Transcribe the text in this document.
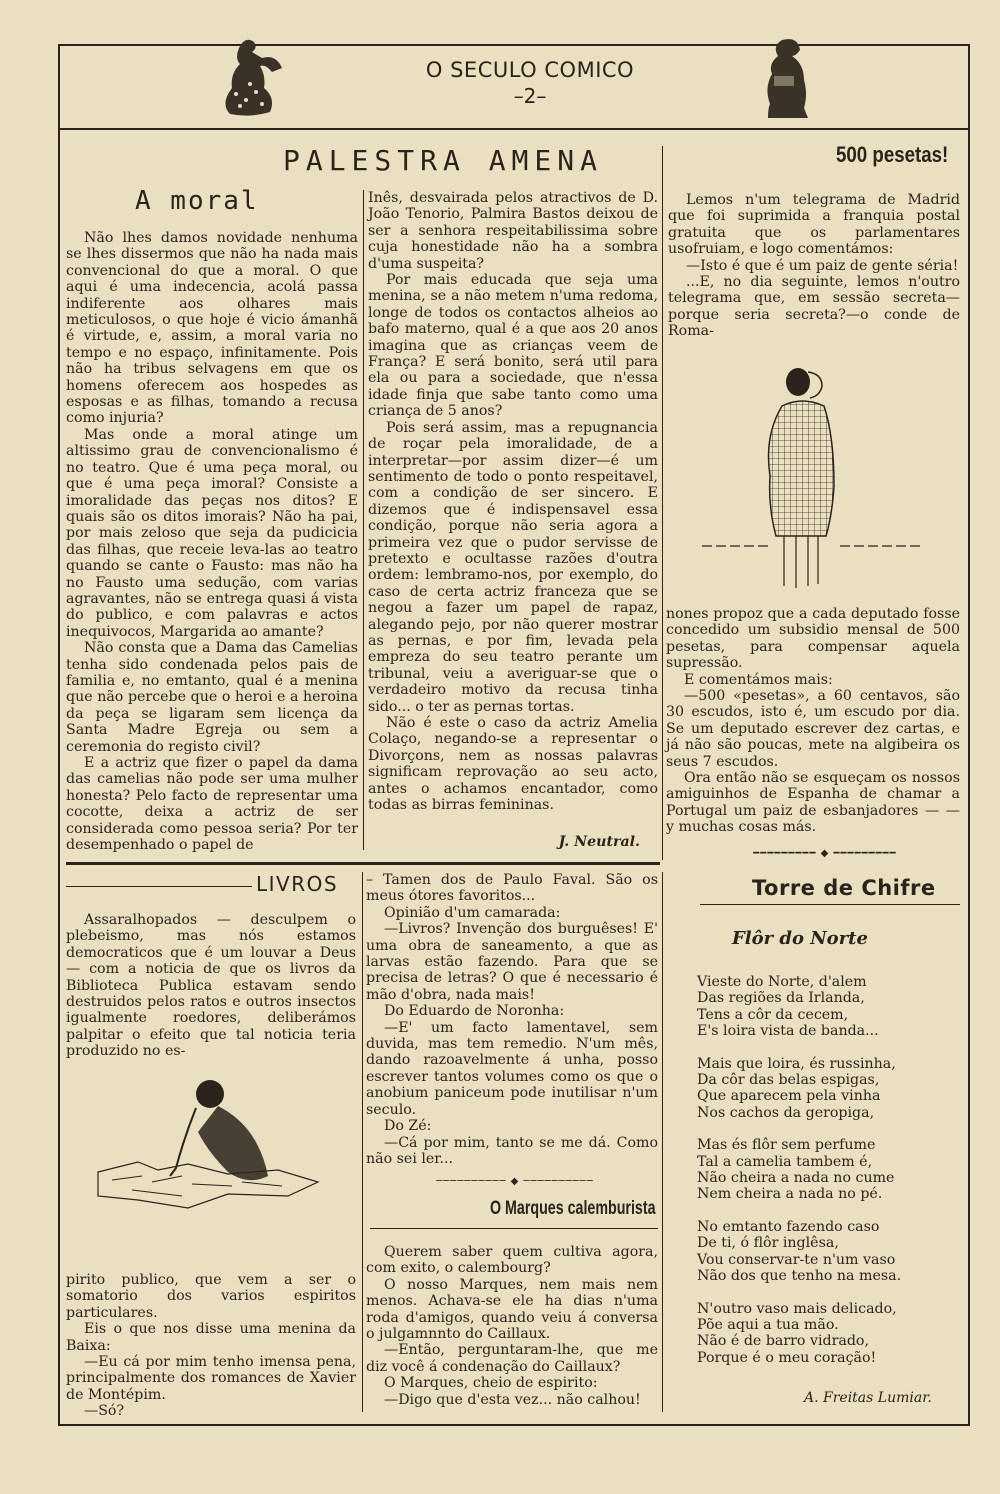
O SECULO COMICO
–2–
PALESTRA AMENA
A moral

Não lhes damos novidade nenhuma se lhes dissermos que não ha nada mais convencional do que a moral. O que aqui é uma indecencia, acolá passa indiferente aos olhares mais meticulosos, o que hoje é vicio ámanhã é virtude, e, assim, a moral varia no tempo e no espaço, infinitamente. Pois não ha tribus selvagens em que os homens oferecem aos hospedes as esposas e as filhas, tomando a recusa como injuria?

Mas onde a moral atinge um altissimo grau de convencionalismo é no teatro. Que é uma peça moral, ou que é uma peça imoral? Consiste a imoralidade das peças nos ditos? E quais são os ditos imorais? Não ha pai, por mais zeloso que seja da pudicicia das filhas, que receie leva-las ao teatro quando se cante o Fausto: mas não ha no Fausto uma sedução, com varias agravantes, não se entrega quasi á vista do publico, e com palavras e actos inequivocos, Margarida ao amante?

Não consta que a Dama das Camelias tenha sido condenada pelos pais de familia e, no emtanto, qual é a menina que não percebe que o heroi e a heroina da peça se ligaram sem licença da Santa Madre Egreja ou sem a ceremonia do registo civil?

E a actriz que fizer o papel da dama das camelias não pode ser uma mulher honesta? Pelo facto de representar uma cocotte, deixa a actriz de ser considerada como pessoa seria? Por ter desempenhado o papel de

Inês, desvairada pelos atractivos de D. João Tenorio, Palmira Bastos deixou de ser a senhora respeitabilissima sobre cuja honestidade não ha a sombra d'uma suspeita?

Por mais educada que seja uma menina, se a não metem n'uma redoma, longe de todos os contactos alheios ao bafo materno, qual é a que aos 20 anos imagina que as crianças veem de França? E será bonito, será util para ela ou para a sociedade, que n'essa idade finja que sabe tanto como uma criança de 5 anos?

Pois será assim, mas a repugnancia de roçar pela imoralidade, de a interpretar—por assim dizer—é um sentimento de todo o ponto respeitavel, com a condição de ser sincero. E dizemos que é indispensavel essa condição, porque não seria agora a primeira vez que o pudor servisse de pretexto e ocultasse razões d'outra ordem: lembramo-nos, por exemplo, do caso de certa actriz franceza que se negou a fazer um papel de rapaz, alegando pejo, por não querer mostrar as pernas, e por fim, levada pela empreza do seu teatro perante um tribunal, veiu a averiguar-se que o verdadeiro motivo da recusa tinha sido... o ter as pernas tortas.

Não é este o caso da actriz Amelia Colaço, negando-se a representar o Divorçons, nem as nossas palavras significam reprovação ao seu acto, antes o achamos encantador, como todas as birras femininas.

J. Neutral.
500 pesetas!

Lemos n'um telegrama de Madrid que foi suprimida a franquia postal gratuita que os parlamentares usofruiam, e logo comentámos:

—Isto é que é um paiz de gente séria!

...E, no dia seguinte, lemos n'outro telegrama que, em sessão secreta—porque seria secreta?—o conde de Roma-

nones propoz que a cada deputado fosse concedido um subsidio mensal de 500 pesetas, para compensar aquela supressão.

E comentámos mais:

—500 «pesetas», a 60 centavos, são 30 escudos, isto é, um escudo por dia. Se um deputado escrever dez cartas, e já não são poucas, mete na algibeira os seus 7 escudos.

Ora então não se esqueçam os nossos amiguinhos de Espanha de chamar a Portugal um paiz de esbanjadores — — y muchas cosas más.

━━━━━━━━━ ◆ ━━━━━━━━━
LIVROS

Assaralhopados — desculpem o plebeismo, mas nós estamos democraticos que é um louvar a Deus — com a noticia de que os livros da Biblioteca Publica estavam sendo destruidos pelos ratos e outros insectos igualmente roedores, deliberámos palpitar o efeito que tal noticia teria produzido no es-

pirito publico, que vem a ser o somatorio dos varios espiritos particulares.

Eis o que nos disse uma menina da Baixa:

—Eu cá por mim tenho imensa pena, principalmente dos romances de Xavier de Montépim.

—Só?

– Tamen dos de Paulo Faval. São os meus ótores favoritos...

Opinião d'um camarada:

—Livros? Invenção dos burguêses! E' uma obra de saneamento, a que as larvas estão fazendo. Para que se precisa de letras? O que é necessario é mão d'obra, nada mais!

Do Eduardo de Noronha:

—E' um facto lamentavel, sem duvida, mas tem remedio. N'um mês, dando razoavelmente á unha, posso escrever tantos volumes como os que o anobium paniceum pode inutilisar n'um seculo.

Do Zé:

—Cá por mim, tanto se me dá. Como não sei ler...

────────── ◆ ──────────
O Marques calemburista

Querem saber quem cultiva agora, com exito, o calembourg?

O nosso Marques, nem mais nem menos. Achava-se ele ha dias n'uma roda d'amigos, quando veiu á conversa o julgamnnto do Caillaux.

—Então, perguntaram-lhe, que me diz você á condenação do Caillaux?

O Marques, cheio de espirito:

—Digo que d'esta vez... não calhou!

Torre de Chifre
Flôr do Norte
Vieste do Norte, d'alem
Das regiões da Irlanda,
Tens a côr da cecem,
E's loira vista de banda...
Mais que loira, és russinha,
Da côr das belas espigas,
Que aparecem pela vinha
Nos cachos da geropiga,
Mas és flôr sem perfume
Tal a camelia tambem é,
Não cheira a nada no cume
Nem cheira a nada no pé.
No emtanto fazendo caso
De ti, ó flôr inglêsa,
Vou conservar-te n'um vaso
Não dos que tenho na mesa.
N'outro vaso mais delicado,
Põe aqui a tua mão.
Não é de barro vidrado,
Porque é o meu coração!
A. Freitas Lumiar.
